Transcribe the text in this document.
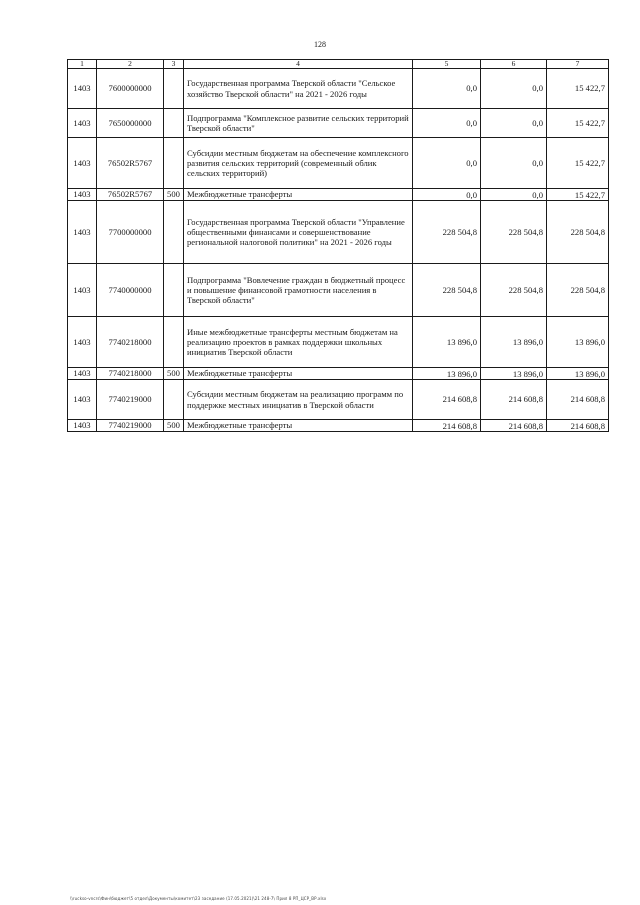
128
1	2	3	4	5	6	7
1403	7600000000		Государственная программа Тверской области "Сельское хозяйство Тверской области" на 2021 - 2026 годы	0,0	0,0	15 422,7
1403	7650000000		Подпрограмма "Комплексное развитие сельских территорий Тверской области"	0,0	0,0	15 422,7
1403	76502R5767		Субсидии местным бюджетам на обеспечение комплексного развития сельских территорий (современный облик сельских территорий)	0,0	0,0	15 422,7
1403	76502R5767	500	Межбюджетные трансферты	0,0	0,0	15 422,7
1403	7700000000		Государственная программа Тверской области "Управление общественными финансами и совершенствование региональной налоговой политики" на 2021 - 2026 годы	228 504,8	228 504,8	228 504,8
1403	7740000000		Подпрограмма "Вовлечение граждан в бюджетный процесс и повышение финансовой грамотности населения в Тверской области"	228 504,8	228 504,8	228 504,8
1403	7740218000		Иные межбюджетные трансферты местным бюджетам на реализацию проектов в рамках поддержки школьных инициатив Тверской области	13 896,0	13 896,0	13 896,0
1403	7740218000	500	Межбюджетные трансферты	13 896,0	13 896,0	13 896,0
1403	7740219000		Субсидии местным бюджетам на реализацию программ по поддержке местных инициатив в Тверской области	214 608,8	214 608,8	214 608,8
1403	7740219000	500	Межбюджетные трансферты	214 608,8	214 608,8	214 608,8
\\ruckso-vncrs\Фин\бюджет\5 отдел\Документы\комитет\23 заседание (17.05.2021)\21 248-7\ Прил 8 РП_ЦСР_ВР.xlsx
